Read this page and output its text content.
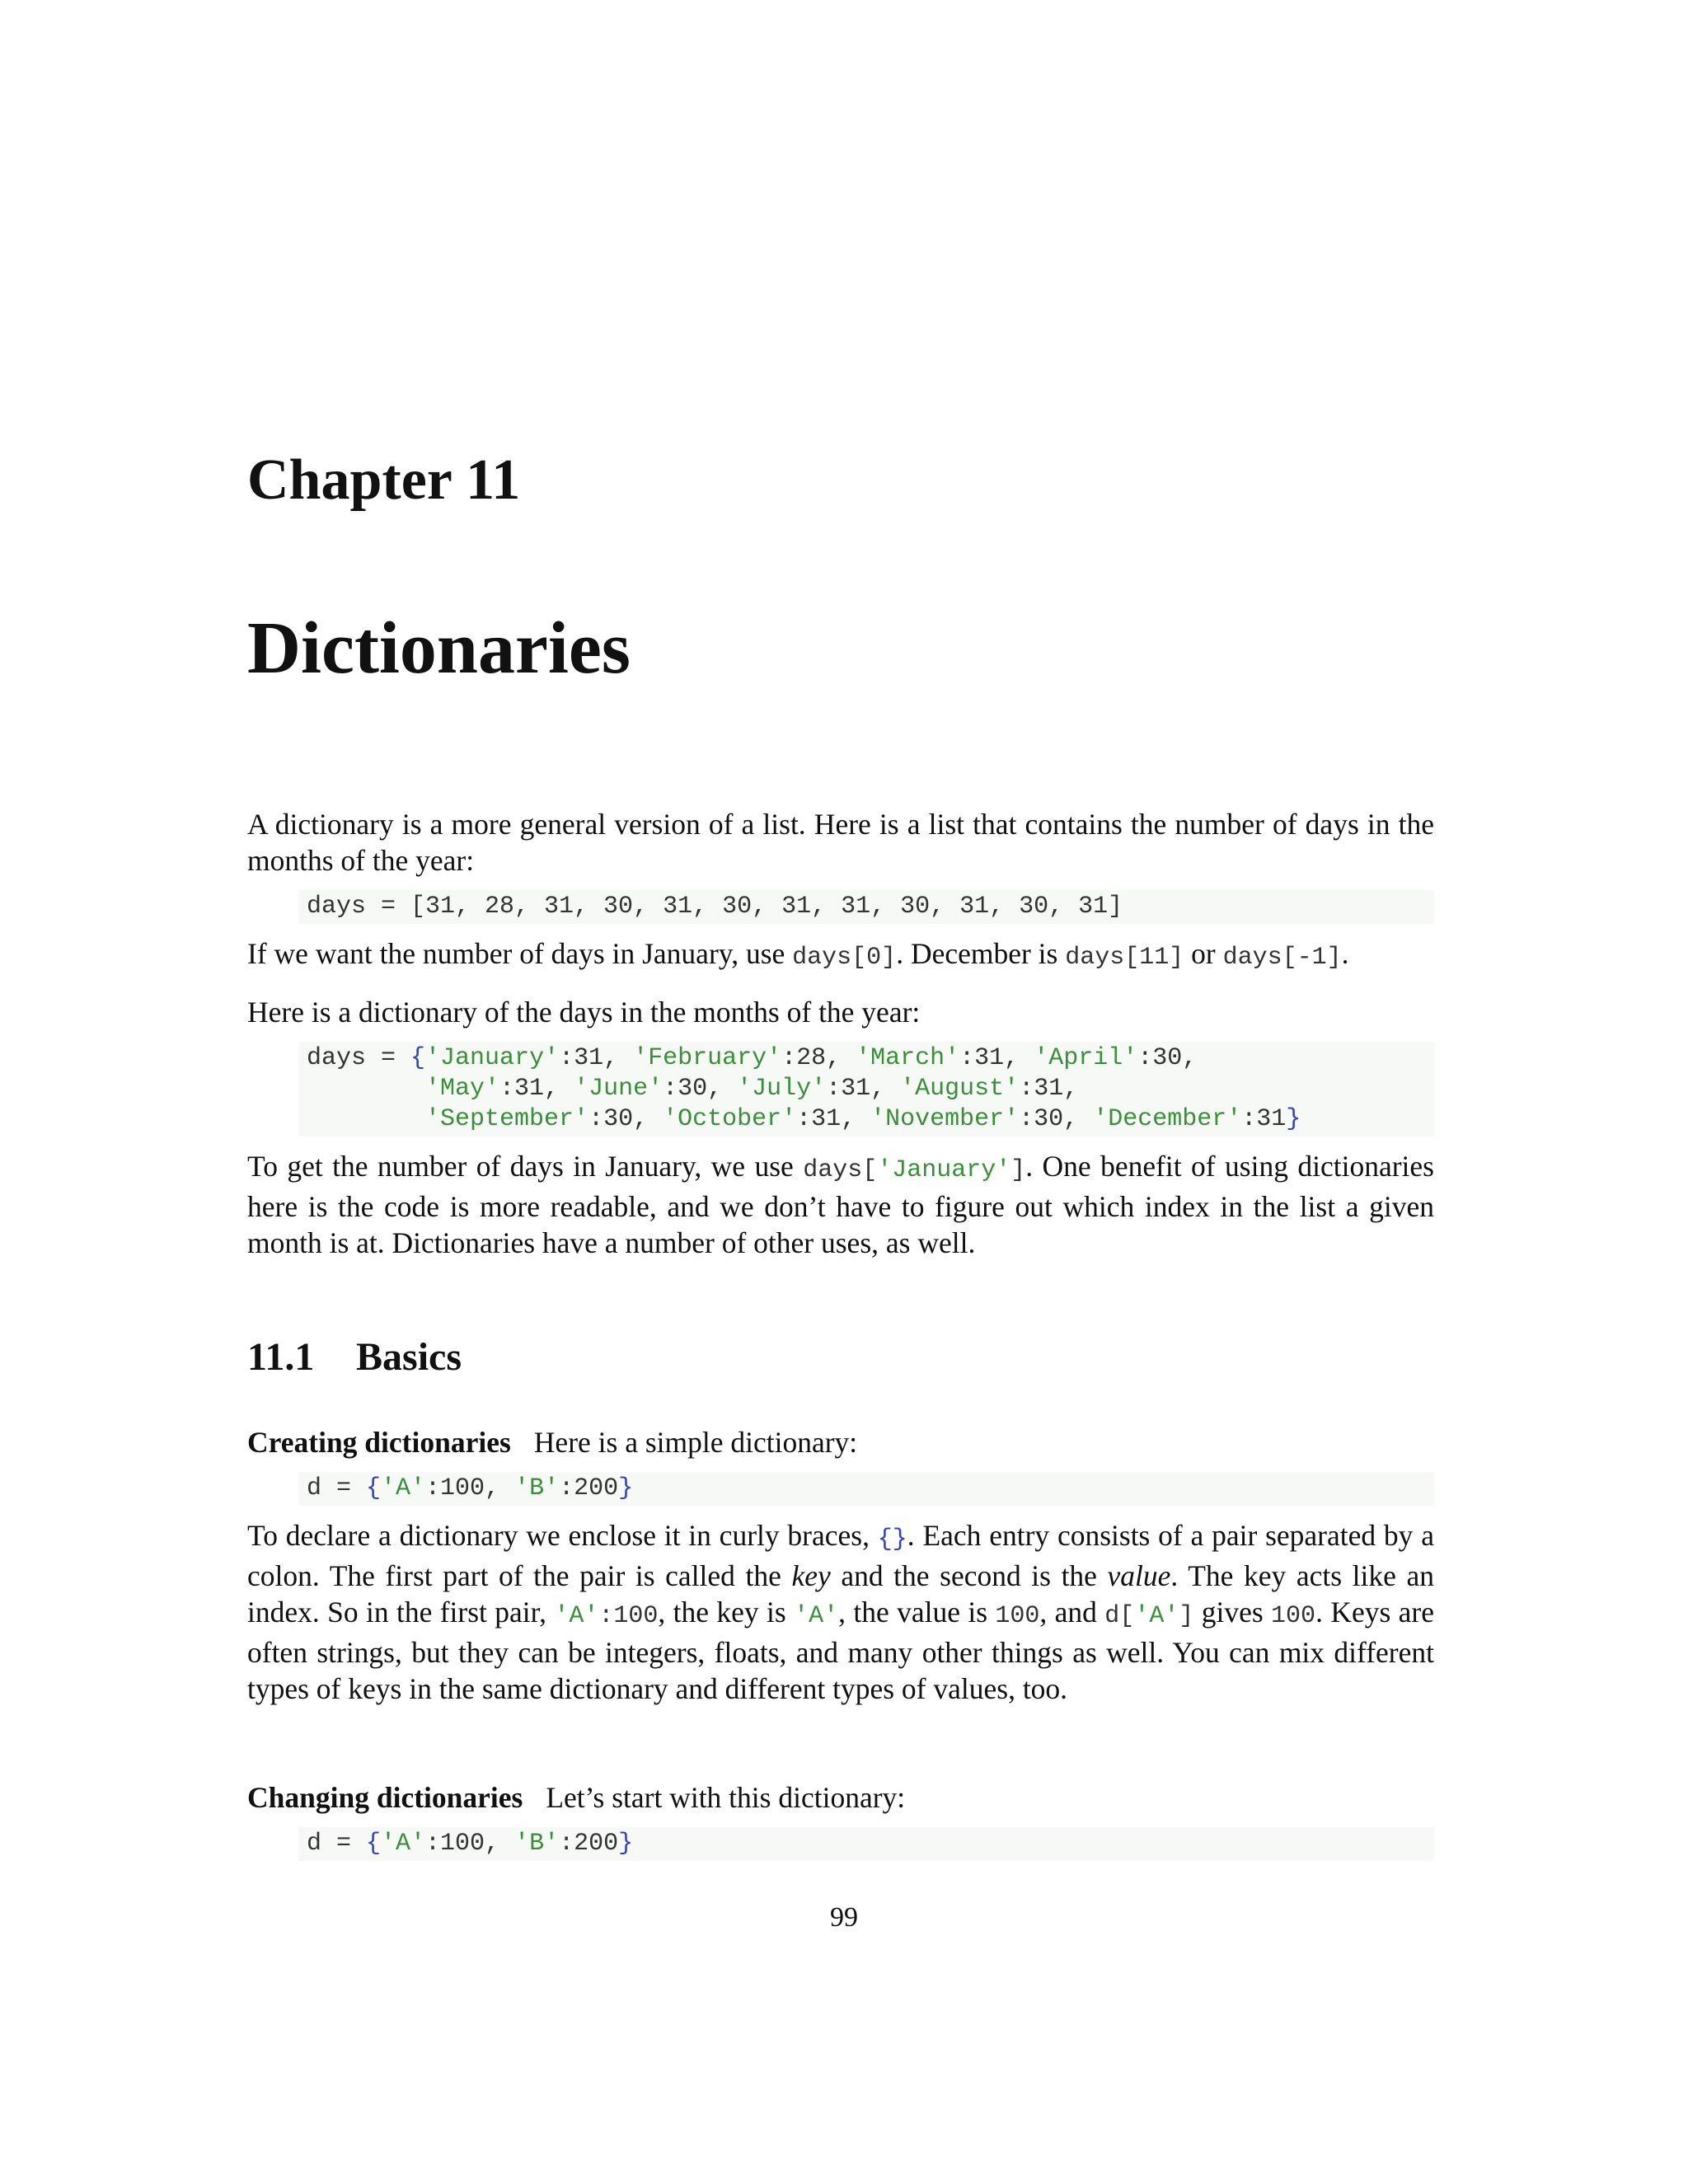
Chapter 11
Dictionaries

A dictionary is a more general version of a list. Here is a list that contains the number of days in the months of the year:

days = [31, 28, 31, 30, 31, 30, 31, 31, 30, 31, 30, 31]

If we want the number of days in January, use days[0]. December is days[11] or days[-1].

Here is a dictionary of the days in the months of the year:

days = {'January':31, 'February':28, 'March':31, 'April':30,
'May':31, 'June':30, 'July':31, 'August':31,
'September':30, 'October':31, 'November':30, 'December':31}

To get the number of days in January, we use days['January']. One benefit of using dictionaries here is the code is more readable, and we don’t have to figure out which index in the list a given month is at. Dictionaries have a number of other uses, as well.

11.1 Basics

Creating dictionaries Here is a simple dictionary:

d = {'A':100, 'B':200}

To declare a dictionary we enclose it in curly braces, {}. Each entry consists of a pair separated by a colon. The first part of the pair is called the key and the second is the value. The key acts like an index. So in the first pair, 'A':100, the key is 'A', the value is 100, and d['A'] gives 100. Keys are often strings, but they can be integers, floats, and many other things as well. You can mix different types of keys in the same dictionary and different types of values, too.

Changing dictionaries Let’s start with this dictionary:

d = {'A':100, 'B':200}
99
